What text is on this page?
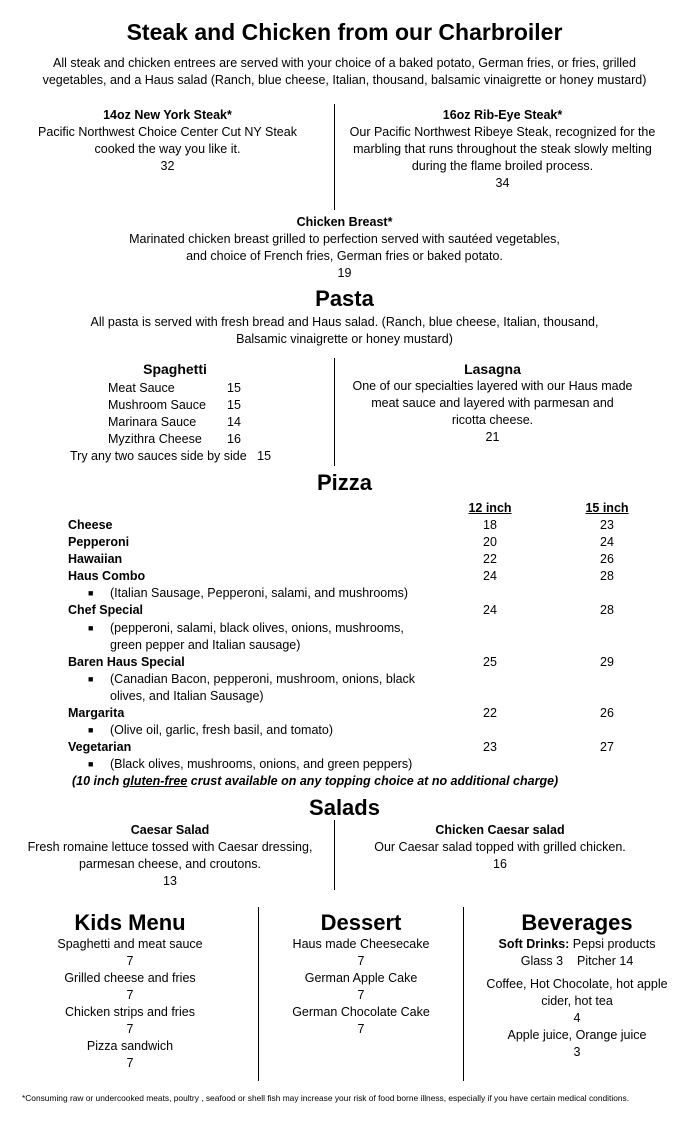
Steak and Chicken from our Charbroiler
All steak and chicken entrees are served with your choice of a baked potato, German fries, or fries, grilled
vegetables, and a Haus salad (Ranch, blue cheese, Italian, thousand, balsamic vinaigrette or honey mustard)
14oz New York Steak*
Pacific Northwest Choice Center Cut NY Steak
cooked the way you like it.
32
16oz Rib-Eye Steak*
Our Pacific Northwest Ribeye Steak, recognized for the
marbling that runs throughout the steak slowly melting
during the flame broiled process.
34
Chicken Breast*
Marinated chicken breast grilled to perfection served with sautéed vegetables,
and choice of French fries, German fries or baked potato.
19
Pasta
All pasta is served with fresh bread and Haus salad. (Ranch, blue cheese, Italian, thousand,
Balsamic vinaigrette or honey mustard)
Spaghetti
Meat Sauce	15
Mushroom Sauce 15
Marinara Sauce 14
Myzithra Cheese 16
Try any two sauces side by side   15
Lasagna
One of our specialties layered with our Haus made
meat sauce and layered with parmesan and
ricotta cheese.
21
Pizza
12 inch	15 inch
Cheese	18	23
Pepperoni	20	24
Hawaiian	22	26
Haus Combo	24	28
■ (Italian Sausage, Pepperoni, salami, and mushrooms)
Chef Special	24	28
■ (pepperoni, salami, black olives, onions, mushrooms,
green pepper and Italian sausage)
Baren Haus Special	25	29
■ (Canadian Bacon, pepperoni, mushroom, onions, black
olives, and Italian Sausage)
Margarita	22	26
■ (Olive oil, garlic, fresh basil, and tomato)
Vegetarian	23	27
■ (Black olives, mushrooms, onions, and green peppers)
(10 inch gluten-free crust available on any topping choice at no additional charge)
Salads
Caesar Salad
Fresh romaine lettuce tossed with Caesar dressing,
parmesan cheese, and croutons.
13
Chicken Caesar salad
Our Caesar salad topped with grilled chicken.
16
Kids Menu
Spaghetti and meat sauce
7
Grilled cheese and fries
7
Chicken strips and fries
7
Pizza sandwich
7
Dessert
Haus made Cheesecake
7
German Apple Cake
7
German Chocolate Cake
7
Beverages
Soft Drinks: Pepsi products
Glass 3    Pitcher 14
Coffee, Hot Chocolate, hot apple
cider, hot tea
4
Apple juice, Orange juice
3
*Consuming raw or undercooked meats, poultry , seafood or shell fish may increase your risk of food borne illness, especially if you have certain medical conditions.
